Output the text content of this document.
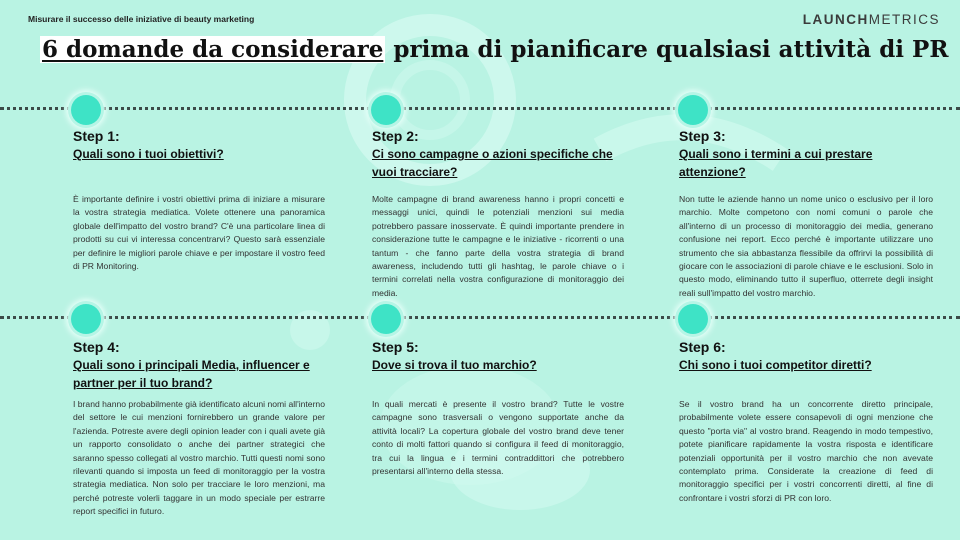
Misurare il successo delle iniziative di beauty marketing	LAUNCHMETRICS
6 domande da considerare prima di pianificare qualsiasi attività di PR
Step 1:
Quali sono i tuoi obiettivi?
È importante definire i vostri obiettivi prima di iniziare a misurare la vostra strategia mediatica. Volete ottenere una panoramica globale dell'impatto del vostro brand? C'è una particolare linea di prodotti su cui vi interessa concentrarvi? Questo sarà essenziale per definire le migliori parole chiave e per impostare il vostro feed di PR Monitoring.
Step 2:
Ci sono campagne o azioni specifiche che vuoi tracciare?
Molte campagne di brand awareness hanno i propri concetti e messaggi unici, quindi le potenziali menzioni sui media potrebbero passare inosservate. È quindi importante prendere in considerazione tutte le campagne e le iniziative - ricorrenti o una tantum - che fanno parte della vostra strategia di brand awareness, includendo tutti gli hashtag, le parole chiave o i termini correlati nella vostra configurazione di monitoraggio dei media.
Step 3:
Quali sono i termini a cui prestare attenzione?
Non tutte le aziende hanno un nome unico o esclusivo per il loro marchio. Molte competono con nomi comuni o parole che all'interno di un processo di monitoraggio dei media, generano confusione nei report. Ecco perché è importante utilizzare uno strumento che sia abbastanza flessibile da offrirvi la possibilità di giocare con le associazioni di parole chiave e le esclusioni. Solo in questo modo, eliminando tutto il superfluo, otterrete degli insight reali sull'impatto del vostro marchio.
Step 4:
Quali sono i principali Media, influencer e partner per il tuo brand?
I brand hanno probabilmente già identificato alcuni nomi all'interno del settore le cui menzioni fornirebbero un grande valore per l'azienda. Potreste avere degli opinion leader con i quali avete già un rapporto consolidato o anche dei partner strategici che saranno spesso collegati al vostro marchio. Tutti questi nomi sono rilevanti quando si imposta un feed di monitoraggio per la vostra strategia mediatica. Non solo per tracciare le loro menzioni, ma perché potreste volerli taggare in un modo speciale per estrarre report specifici in futuro.
Step 5:
Dove si trova il tuo marchio?
In quali mercati è presente il vostro brand? Tutte le vostre campagne sono trasversali o vengono supportate anche da attività locali? La copertura globale del vostro brand deve tener conto di molti fattori quando si configura il feed di monitoraggio, tra cui la lingua e i termini contraddittori che potrebbero presentarsi all'interno della stessa.
Step 6:
Chi sono i tuoi competitor diretti?
Se il vostro brand ha un concorrente diretto principale, probabilmente volete essere consapevoli di ogni menzione che questo "porta via" al vostro brand. Reagendo in modo tempestivo, potete pianificare rapidamente la vostra risposta e identificare potenziali opportunità per il vostro marchio che non avevate contemplato prima. Considerate la creazione di feed di monitoraggio specifici per i vostri concorrenti diretti, al fine di confrontare i vostri sforzi di PR con loro.
